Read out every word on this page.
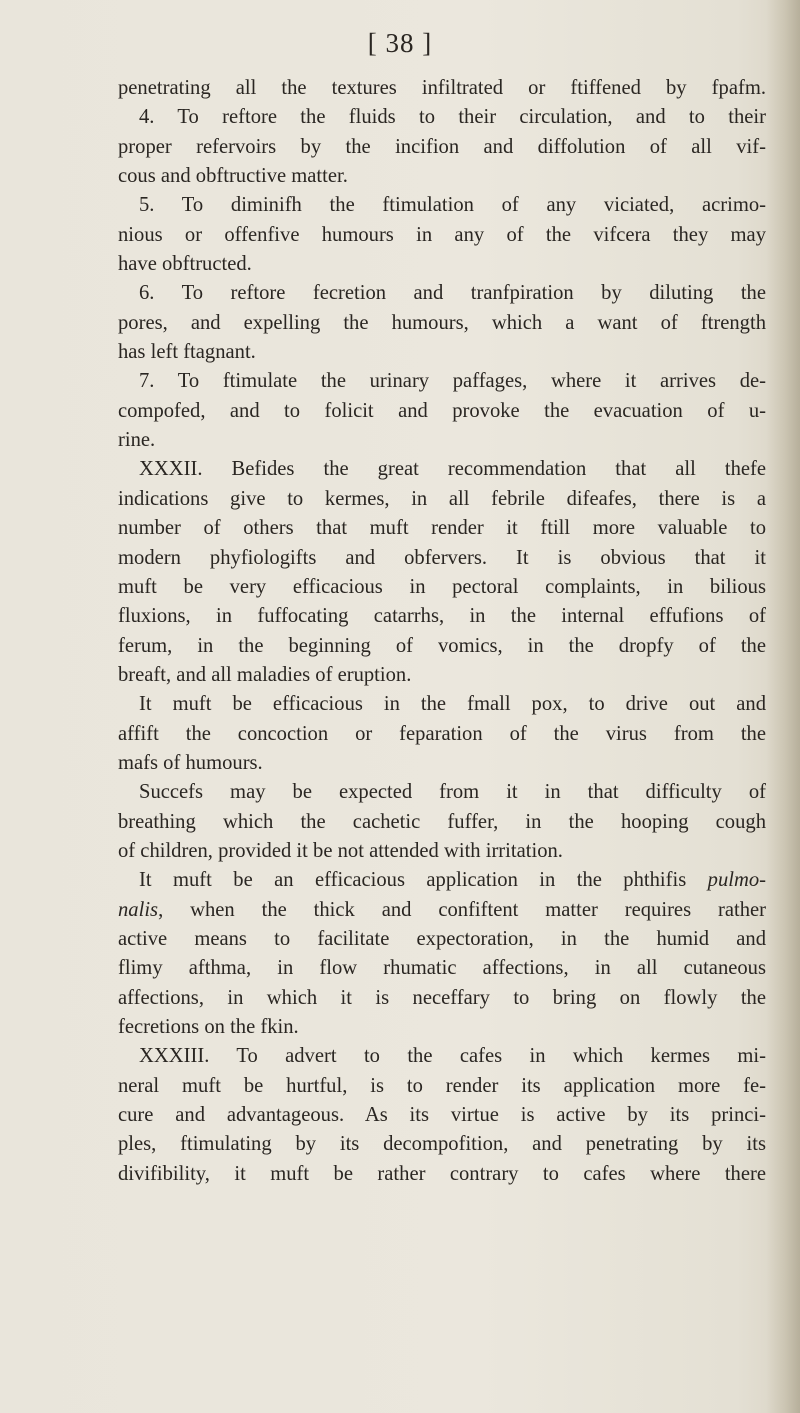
[ 38 ]
penetrating all the textures infiltrated or ftiffened by fpafm.
4. To reftore the fluids to their circulation, and to their
proper refervoirs by the incifion and diffolution of all vif-
cous and obftructive matter.
5. To diminifh the ftimulation of any viciated, acrimo-
nious or offenfive humours in any of the vifcera they may
have obftructed.
6. To reftore fecretion and tranfpiration by diluting the
pores, and expelling the humours, which a want of ftrength
has left ftagnant.
7. To ftimulate the urinary paffages, where it arrives de-
compofed, and to folicit and provoke the evacuation of u-
rine.
XXXII. Befides the great recommendation that all thefe
indications give to kermes, in all febrile difeafes, there is a
number of others that muft render it ftill more valuable to
modern phyfiologifts and obfervers. It is obvious that it
muft be very efficacious in pectoral complaints, in bilious
fluxions, in fuffocating catarrhs, in the internal effufions of
ferum, in the beginning of vomics, in the dropfy of the
breaft, and all maladies of eruption.
It muft be efficacious in the fmall pox, to drive out and
affift the concoction or feparation of the virus from the
mafs of humours.
Succefs may be expected from it in that difficulty of
breathing which the cachetic fuffer, in the hooping cough
of children, provided it be not attended with irritation.
It muft be an efficacious application in the phthifis pulmo-
nalis, when the thick and confiftent matter requires rather
active means to facilitate expectoration, in the humid and
flimy afthma, in flow rhumatic affections, in all cutaneous
affections, in which it is neceffary to bring on flowly the
fecretions on the fkin.
XXXIII. To advert to the cafes in which kermes mi-
neral muft be hurtful, is to render its application more fe-
cure and advantageous. As its virtue is active by its princi-
ples, ftimulating by its decompofition, and penetrating by its
divifibility, it muft be rather contrary to cafes where there
